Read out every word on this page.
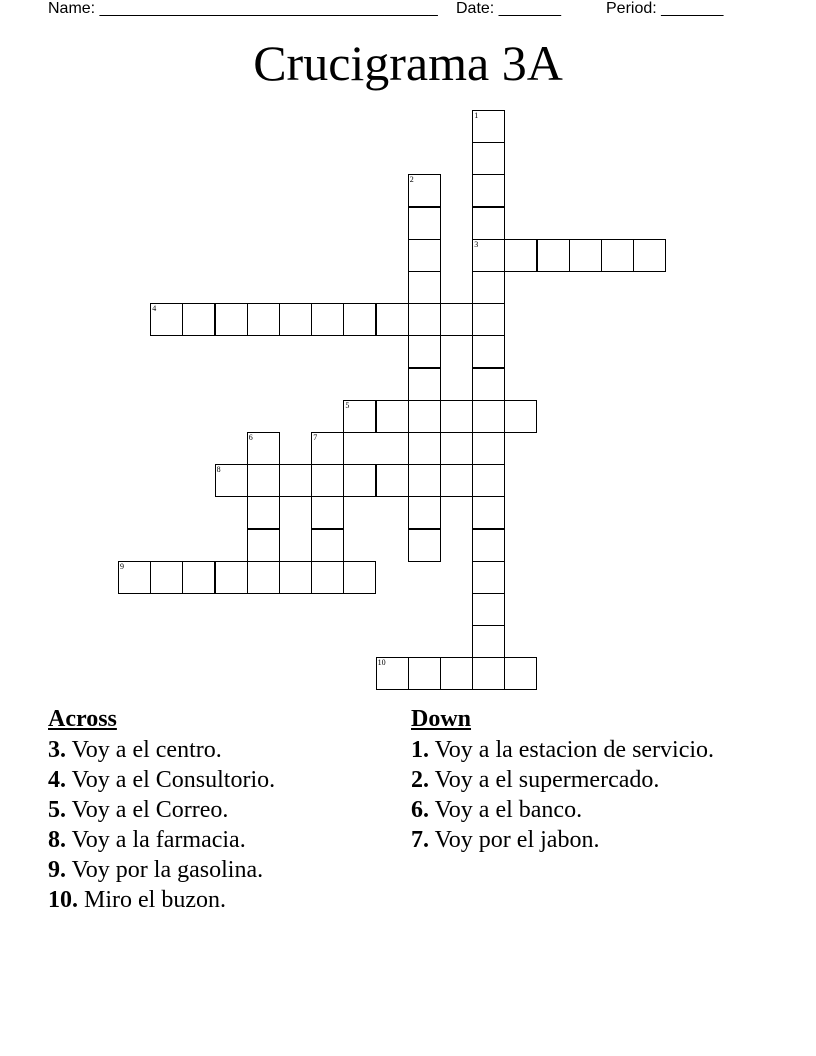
Name: ______________________________________ Date: _______	Period: _______
Crucigrama 3A
1
3
2
4
5
6	7
8
9
10
Across
3. Voy a el centro.
4. Voy a el Consultorio.
5. Voy a el Correo.
8. Voy a la farmacia.
9. Voy por la gasolina.
10. Miro el buzon.
Down
1. Voy a la estacion de servicio.
2. Voy a el supermercado.
6. Voy a el banco.
7. Voy por el jabon.
